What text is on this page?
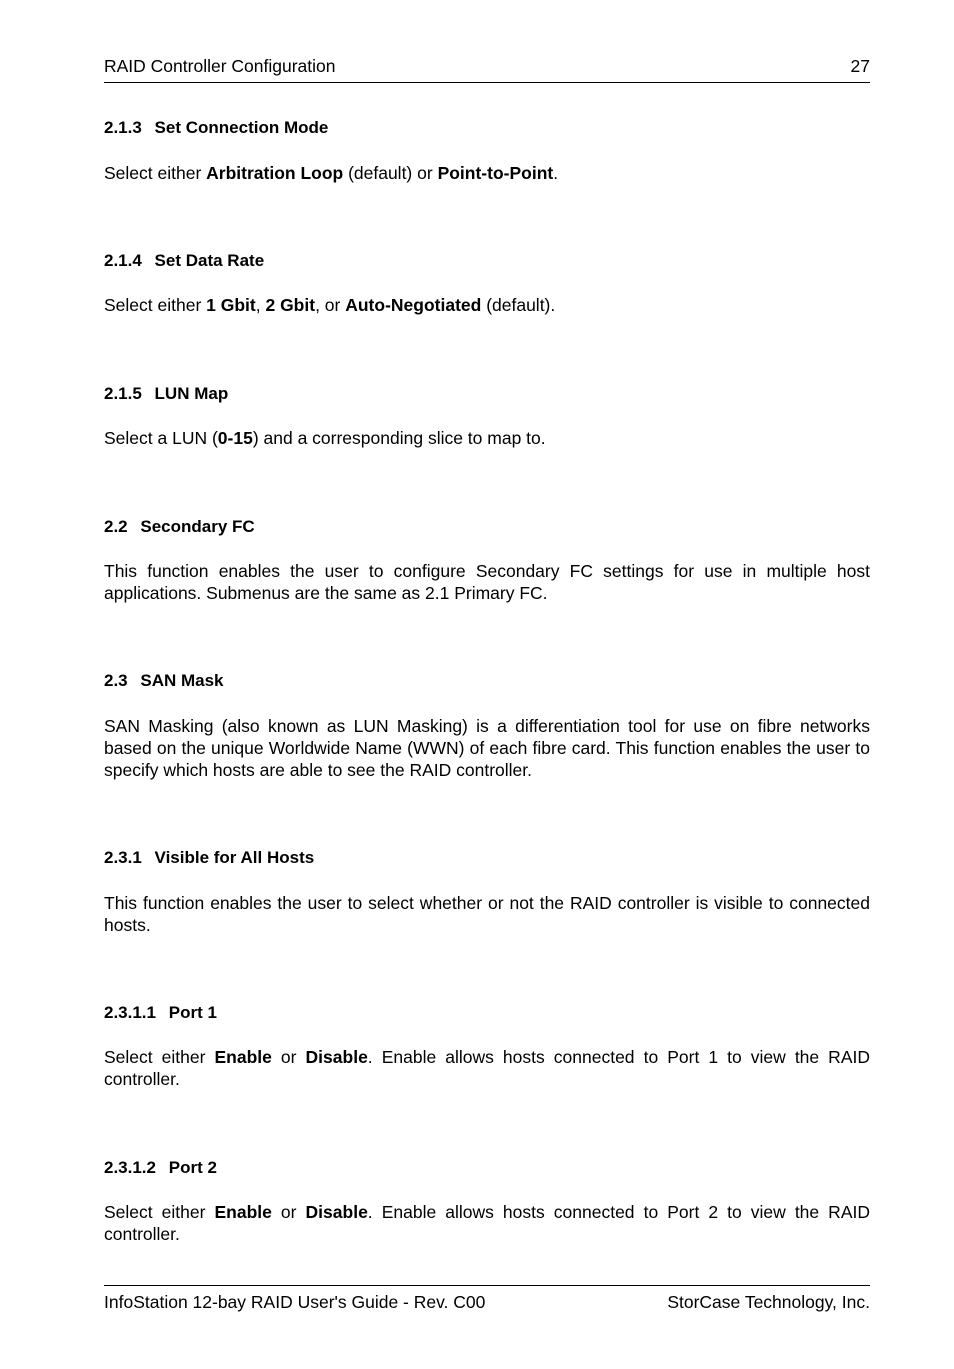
RAID Controller Configuration	27
2.1.3 Set Connection Mode
Select either Arbitration Loop (default) or Point-to-Point.
2.1.4 Set Data Rate
Select either 1 Gbit, 2 Gbit, or Auto-Negotiated (default).
2.1.5 LUN Map
Select a LUN (0-15) and a corresponding slice to map to.
2.2 Secondary FC
This function enables the user to configure Secondary FC settings for use in multiple host applications. Submenus are the same as 2.1 Primary FC.
2.3 SAN Mask
SAN Masking (also known as LUN Masking) is a differentiation tool for use on fibre networks based on the unique Worldwide Name (WWN) of each fibre card. This function enables the user to specify which hosts are able to see the RAID controller.
2.3.1 Visible for All Hosts
This function enables the user to select whether or not the RAID controller is visible to connected hosts.
2.3.1.1 Port 1
Select either Enable or Disable. Enable allows hosts connected to Port 1 to view the RAID controller.
2.3.1.2 Port 2
Select either Enable or Disable. Enable allows hosts connected to Port 2 to view the RAID controller.
InfoStation 12-bay RAID User's Guide - Rev. C00	StorCase Technology, Inc.
